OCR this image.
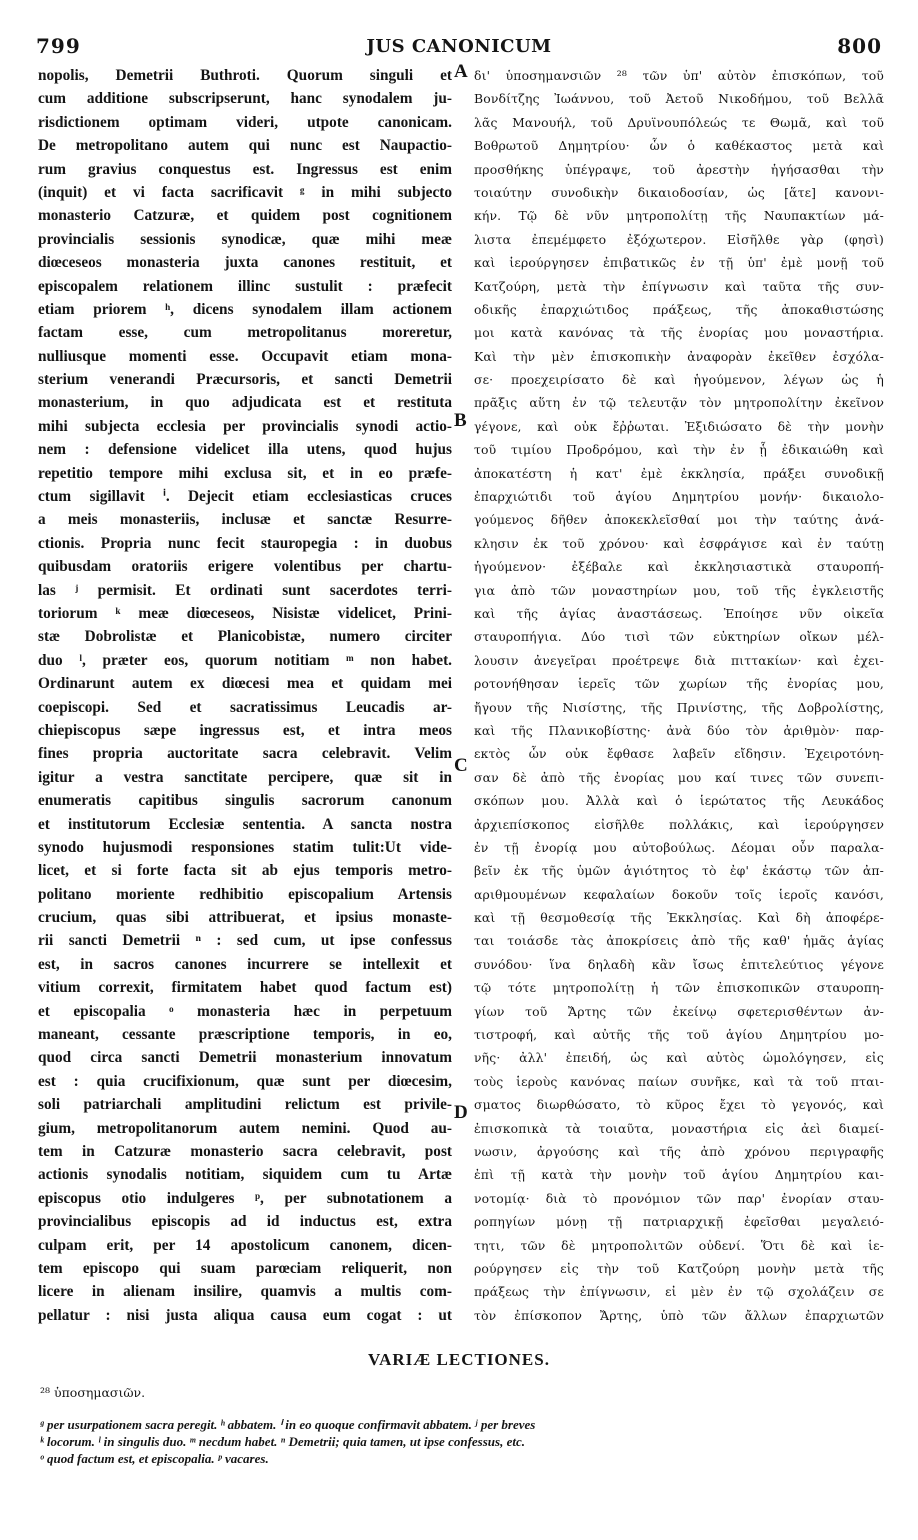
799	JUS CANONICUM	800
nopolis, Demetrii Buthroti. Quorum singuli et
cum additione subscripserunt, hanc synodalem ju-
risdictionem optimam videri, utpote canonicam.
De metropolitano autem qui nunc est Naupactio-
rum gravius conquestus est. Ingressus est enim
(inquit) et vi facta sacrificavit ᵍ in mihi subjecto
monasterio Catzuræ, et quidem post cognitionem
provincialis sessionis synodicæ, quæ mihi meæ
diœceseos monasteria juxta canones restituit, et
episcopalem relationem illinc sustulit : præfecit
etiam priorem ʰ, dicens synodalem illam actionem
factam esse, cum metropolitanus moreretur,
nulliusque momenti esse. Occupavit etiam mona-
sterium venerandi Præcursoris, et sancti Demetrii
monasterium, in quo adjudicata est et restituta
mihi subjecta ecclesia per provincialis synodi actio-
nem : defensione videlicet illa utens, quod hujus
repetitio tempore mihi exclusa sit, et in eo præfe-
ctum sigillavit ⁱ. Dejecit etiam ecclesiasticas cruces
a meis monasteriis, inclusæ et sanctæ Resurre-
ctionis. Propria nunc fecit stauropegia : in duobus
quibusdam oratoriis erigere volentibus per chartu-
las ʲ permisit. Et ordinati sunt sacerdotes terri-
toriorum ᵏ meæ diœceseos, Nisistæ videlicet, Prini-
stæ Dobrolistæ et Planicobistæ, numero circiter
duo ˡ, præter eos, quorum notitiam ᵐ non habet.
Ordinarunt autem ex diœcesi mea et quidam mei
coepiscopi. Sed et sacratissimus Leucadis ar-
chiepiscopus sæpe ingressus est, et intra meos
fines propria auctoritate sacra celebravit. Velim
igitur a vestra sanctitate percipere, quæ sit in
enumeratis capitibus singulis sacrorum canonum
et institutorum Ecclesiæ sententia. A sancta nostra
synodo hujusmodi responsiones statim tulit:Ut vide-
licet, et si forte facta sit ab ejus temporis metro-
politano moriente redhibitio episcopalium Artensis
crucium, quas sibi attribuerat, et ipsius monaste-
rii sancti Demetrii ⁿ : sed cum, ut ipse confessus
est, in sacros canones incurrere se intellexit et
vitium correxit, firmitatem habet quod factum est)
et episcopalia ᵒ monasteria hæc in perpetuum
maneant, cessante præscriptione temporis, in eo,
quod circa sancti Demetrii monasterium innovatum
est : quia crucifixionum, quæ sunt per diœcesim,
soli patriarchali amplitudini relictum est privile-
gium, metropolitanorum autem nemini. Quod au-
tem in Catzuræ monasterio sacra celebravit, post
actionis synodalis notitiam, siquidem cum tu Artæ
episcopus otio indulgeres ᵖ, per subnotationem a
provincialibus episcopis ad id inductus est, extra
culpam erit, per 14 apostolicum canonem, dicen-
tem episcopo qui suam parœciam reliquerit, non
licere in alienam insilire, quamvis a multis com-
pellatur : nisi justa aliqua causa eum cogat : ut
A
B
C
D
δι' ὑποσημανσιῶν ²⁸ τῶν ὑπ' αὐτὸν ἐπισκόπων, τοῦ
Βονδίτζης Ἰωάννου, τοῦ Ἀετοῦ Νικοδήμου, τοῦ Βελλᾶ
λᾶς Μανουήλ, τοῦ Δρυϊνουπόλεώς τε Θωμᾶ, καὶ τοῦ
Βοθρωτοῦ Δημητρίου· ὧν ὁ καθέκαστος μετὰ καὶ
προσθήκης ὑπέγραψε, τοῦ ἀρεστὴν ἡγήσασθαι τὴν
τοιαύτην συνοδικὴν δικαιοδοσίαν, ὡς [ἅτε] κανονι-
κήν. Τῷ δὲ νῦν μητροπολίτῃ τῆς Ναυπακτίων μά-
λιστα ἐπεμέμφετο ἐξόχωτερον. Εἰσῆλθε γὰρ (φησὶ)
καὶ ἱερούργησεν ἐπιβατικῶς ἐν τῇ ὑπ' ἐμὲ μονῇ τοῦ
Κατζούρη, μετὰ τὴν ἐπίγνωσιν καὶ ταῦτα τῆς συν-
οδικῆς ἐπαρχιώτιδος πράξεως, τῆς ἀποκαθιστώσης
μοι κατὰ κανόνας τὰ τῆς ἐνορίας μου μοναστήρια.
Καὶ τὴν μὲν ἐπισκοπικὴν ἀναφορὰν ἐκεῖθεν ἐσχόλα-
σε· προεχειρίσατο δὲ καὶ ἡγούμενον, λέγων ὡς ἡ
πρᾶξις αὕτη ἐν τῷ τελευτᾷν τὸν μητροπολίτην ἐκεῖνον
γέγονε, καὶ οὐκ ἔῤῥωται. Ἐξιδιώσατο δὲ τὴν μονὴν
τοῦ τιμίου Προδρόμου, καὶ τὴν ἐν ᾗ ἐδικαιώθη καὶ
ἀποκατέστη ἡ κατ' ἐμὲ ἐκκλησία, πράξει συνοδικῇ
ἐπαρχιώτιδι τοῦ ἁγίου Δημητρίου μονήν· δικαιολο-
γούμενος δῆθεν ἀποκεκλεῖσθαί μοι τὴν ταύτης ἀνά-
κλησιν ἐκ τοῦ χρόνου· καὶ ἐσφράγισε καὶ ἐν ταύτῃ
ἡγούμενον· ἐξέβαλε καὶ ἐκκλησιαστικὰ σταυροπή-
για ἀπὸ τῶν μοναστηρίων μου, τοῦ τῆς ἐγκλειστῆς
καὶ τῆς ἁγίας ἀναστάσεως. Ἐποίησε νῦν οἰκεῖα
σταυροπήγια. Δύο τισὶ τῶν εὐκτηρίων οἴκων μέλ-
λουσιν ἀνεγεῖραι προέτρεψε διὰ πιττακίων· καὶ ἐχει-
ροτονήθησαν ἱερεῖς τῶν χωρίων τῆς ἐνορίας μου,
ἤγουν τῆς Νισίστης, τῆς Πρινίστης, τῆς Δοβρολίστης,
καὶ τῆς Πλανικοβίστης· ἀνὰ δύο τὸν ἀριθμὸν· παρ-
εκτὸς ὧν οὐκ ἔφθασε λαβεῖν εἴδησιν. Ἐχειροτόνη-
σαν δὲ ἀπὸ τῆς ἐνορίας μου καί τινες τῶν συνεπι-
σκόπων μου. Ἀλλὰ καὶ ὁ ἱερώτατος τῆς Λευκάδος
ἀρχιεπίσκοπος εἰσῆλθε πολλάκις, καὶ ἱερούργησεν
ἐν τῇ ἐνορίᾳ μου αὐτοβούλως. Δέομαι οὖν παραλα-
βεῖν ἐκ τῆς ὑμῶν ἁγιότητος τὸ ἐφ' ἑκάστῳ τῶν ἀπ-
αριθμουμένων κεφαλαίων δοκοῦν τοῖς ἱεροῖς κανόσι,
καὶ τῇ θεσμοθεσίᾳ τῆς Ἐκκλησίας. Καὶ δὴ ἀποφέρε-
ται τοιάσδε τὰς ἀποκρίσεις ἀπὸ τῆς καθ' ἡμᾶς ἁγίας
συνόδου· ἵνα δηλαδὴ κἂν ἴσως ἐπιτελεύτιος γέγονε
τῷ τότε μητροπολίτῃ ἡ τῶν ἐπισκοπικῶν σταυροπη-
γίων τοῦ Ἄρτης τῶν ἐκείνῳ σφετερισθέντων ἀν-
τιστροφή, καὶ αὐτῆς τῆς τοῦ ἁγίου Δημητρίου μο-
νῆς· ἀλλ' ἐπειδή, ὡς καὶ αὐτὸς ὡμολόγησεν, εἰς
τοὺς ἱεροὺς κανόνας παίων συνῆκε, καὶ τὰ τοῦ πται-
σματος διωρθώσατο, τὸ κῦρος ἔχει τὸ γεγονός, καὶ
ἐπισκοπικὰ τὰ τοιαῦτα, μοναστήρια εἰς ἀεὶ διαμεί-
νωσιν, ἀργούσης καὶ τῆς ἀπὸ χρόνου περιγραφῆς
ἐπὶ τῇ κατὰ τὴν μονὴν τοῦ ἁγίου Δημητρίου και-
νοτομίᾳ· διὰ τὸ προνόμιον τῶν παρ' ἐνορίαν σταυ-
ροπηγίων μόνῃ τῇ πατριαρχικῇ ἐφεῖσθαι μεγαλειό-
τητι, τῶν δὲ μητροπολιτῶν οὐδενί. Ὅτι δὲ καὶ ἱε-
ρούργησεν εἰς τὴν τοῦ Κατζούρη μονὴν μετὰ τῆς
πράξεως τὴν ἐπίγνωσιν, εἰ μὲν ἐν τῷ σχολάζειν σε
τὸν ἐπίσκοπον Ἄρτης, ὑπὸ τῶν ἄλλων ἐπαρχιωτῶν
VARIÆ LECTIONES.
²⁸ ὑποσημασιῶν.
ᵍ per usurpationem sacra peregit. ʰ abbatem. ⁱ in eo quoque confirmavit abbatem. ʲ per breves
ᵏ locorum. ˡ in singulis duo. ᵐ necdum habet. ⁿ Demetrii; quia tamen, ut ipse confessus, etc.
ᵒ quod factum est, et episcopalia. ᵖ vacares.
